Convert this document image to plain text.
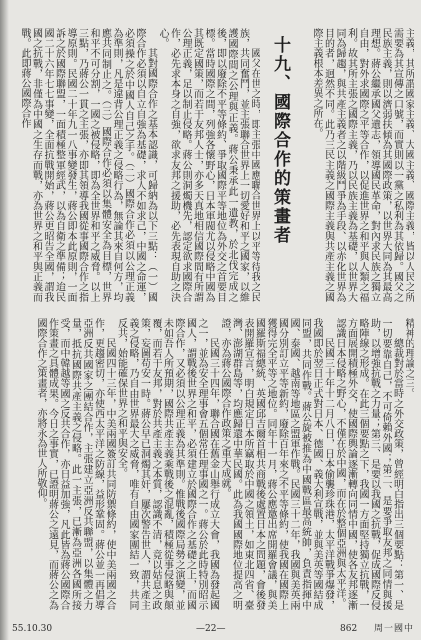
主義，其所謂國家主義、大國主義、國際主義，皆以人民之所需要為其宣傳之口號，而實則以一黨之私利為其依歸。國父之民族主義，則以濟弱扶傾為其國際政策，以世界大同為其最高理想。蔣公繼承國父遺志，領導國民革命，對內求民族之獨立自由，對外求國際之平等合作，以促進世界之和平與人類之福利。故其所主張之國際主義，乃以民族主義為基礎，以世界大同為歸趨，與共產主義者之以階級鬥爭為手段、以赤化世界為目的者，迥然不同。此乃三民主義之國際主義與共產主義之國際主義根本差異之所在。

十九、國際合作的策畫者

國父在世之時，即主張中國應聯合世界上以平等待我之民族，共同奮鬥，並主張聯合世界上一切愛好和平之國家，以維護國際間之公理與正義。蔣公秉承此一遺教，於北伐完成之後，即以廢除不平等條約、爭取國際平等地位為外交之首要目標。當時國際之間，列強各懷野心，日本軍閥尤以侵略中國為其既定國策，而若干友邦人士，亦多天真地相信國際間有所謂公理正義，足以制止侵略。蔣公則洞燭機先，認定欲求國際合作，必先求本身之自強，欲求友邦之援助，必先表現自助之決心。

其對國際合作之基本認識，可歸納為以下三點：（一）國際合作必須以自立自強為基礎，求人不如求己，中國之命運，必須操之於中國人自己之手。（二）國際合作必須以公理正義為準則，凡是違背公理正義之侵略行為，無論其來自何方，均應共同制止之。（三）國際合作必須以集體安全為目標，世界和平不可分割，一國之被侵略，即為全世界和平之威脅。以上三點，乃蔣公一貫之主張，亦即其領導我國從事國際合作之指導原則。民國二十年九一八事變發生，蔣公即本此原則，一面訴之於國際聯盟，一面積極整軍經武，以為自衛之準備；迨民國二十六年七七事變，全面抗戰開始，蔣公更昭告全國，謂我國之抗戰，非僅為中國之生存而戰，亦為世界之和平與正義而戰。此即蔣公國際合作

精神的理論之三。

總裁對於當時之外交政策，曾經明白指出三個要點：第一、是一切要靠自己，不可倚賴外國；第二、是要爭取友邦之同情與援助，以增強抗戰之力量；第三、是要以我國之抗戰，促成國際反侵略陣線之形成。在此三個要點之下，我國一方面堅持獨立抗戰，一方面展開積極外交，使國際輿論逐漸轉向同情中國，使各友邦逐漸認識日本侵略之野心，不僅在於中國，而在於整個亞洲與太平洋。

民國三十年十二月八日，日本偷襲珍珠港，太平洋戰爭爆發，我國即於翌日正式對日本、德國、義大利宣戰，並與美英等國結成同盟，共同作戰。蔣公旋被推為中國戰區最高統帥，負責指揮中國、泰國、越南等地區之盟軍作戰。民國三十二年，我國與美英兩國分別訂立平等新約，廢除百年來之不平等條約，使我國在國際上獲得完全平等之地位。同年十一月，蔣公應邀出席開羅會議，與美國羅斯福總統、英國邱吉爾首相共商戰後處置日本之問題，會後發表開羅宣言，明白規定日本所竊取於中國之領土，如東北四省、臺灣、澎湖群島等，均應歸還中華民國。此為我國國際地位提高之明證，亦為蔣公國際合作政策之重大成就。

民國三十四年，聯合國在舊金山舉行成立大會，我國為發起國之一，並為安全理事會五個常任理事國之一。蔣公於此時特別昭示國人，謂戰後世界之和平，必須建立於國際合作之基礎之上，而國際合作，又必須以公理正義為其準則。惟戰後國際局勢之演變，並未如吾人所預期，國際共產主義乘戰後之混亂，積極從事侵略與顛覆，而若干友邦，對於共產主義之本質，認識不清，竟以姑息之政策，妄圖苟安一時。蔣公早已洞燭其奸，屢次警告世人，謂共產主義之侵略，乃自由世界最大之威脅，唯有自由國家團結一致，共同反共，始能確保世界之和平與安全。

民國四十三年，中美兩國簽訂共同防禦條約，使中美兩國之合作，更趨密切，亦使西太平洋之防線，益形鞏固。蔣公並一再倡導亞洲反共國家之團結合作，主張建立亞洲反共聯盟，以集體之力量，抵抗國際共產主義之侵略。此一主張，已漸為亞洲各國所接受，而中韓越等國之反共合作，亦日益加強，凡此皆為蔣公國際合作策畫之具體成果。今日之事實，已證明蔣公之遠見，而蔣公之為國際合作之策畫者，亦將永為世人所敬仰。

55.10.30	—22—	862 周一國中
